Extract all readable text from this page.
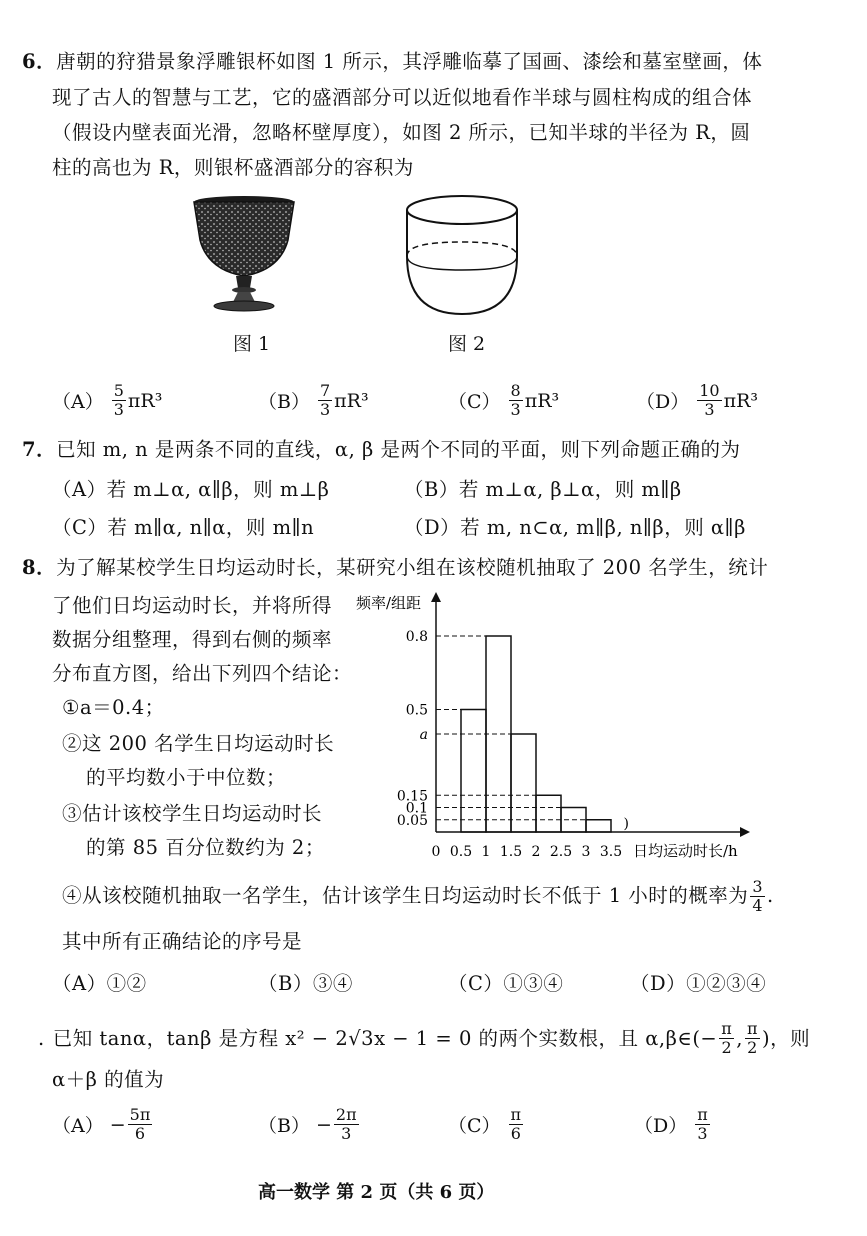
6．唐朝的狩猎景象浮雕银杯如图 1 所示，其浮雕临摹了国画、漆绘和墓室壁画，体
现了古人的智慧与工艺，它的盛酒部分可以近似地看作半球与圆柱构成的组合体
（假设内壁表面光滑，忽略杯壁厚度），如图 2 所示，已知半球的半径为 R，圆
柱的高也为 R，则银杯盛酒部分的容积为
图 1	图 2
$(A) \frac{5}{3} \pi R^3$	$(B) \frac{7}{3} \pi R^3$	$(C) \frac{8}{3} \pi R^3$	$(D) \frac{10}{3} \pi R^3$
7．已知 m, n 是两条不同的直线，α, β 是两个不同的平面，则下列命题正确的为
（A）若 m⊥α, α∥β，则 m⊥β	（B）若 m⊥α, β⊥α，则 m∥β
（C）若 m∥α, n∥α，则 m∥n	（D）若 m, n⊂α, m∥β, n∥β，则 α∥β
8．为了解某校学生日均运动时长，某研究小组在该校随机抽取了 200 名学生，统计
了他们日均运动时长，并将所得
数据分组整理，得到右侧的频率
分布直方图，给出下列四个结论：
①a＝0.4；
②这 200 名学生日均运动时长
的平均数小于中位数；
③估计该校学生日均运动时长
的第 85 百分位数约为 2；
频率/组距
)
0.8
0.5
a
0.15
0.1
0.05
0 0.5 1 1.5 2 2.5 3 3.5 日均运动时长/h
④从该校随机抽取一名学生，估计该学生日均运动时长不低于 1 小时的概率为 $\frac{3}{4}$ .
其中所有正确结论的序号是
（A）①②	（B）③④	（C）①③④	（D）①②③④
. 已知 tanα，tanβ 是方程 x² − 2√3x − 1 = 0 的两个实数根，且 α,β∈(− $\frac{\pi}{2}$ , $\frac{\pi}{2}$ )，则
α＋β 的值为
$(A) - \frac{5\pi}{6}$	$(B) - \frac{2\pi}{3}$	$(C) \frac{\pi}{6}$	$(D) \frac{\pi}{3}$
高一数学 第 2 页（共 6 页）
